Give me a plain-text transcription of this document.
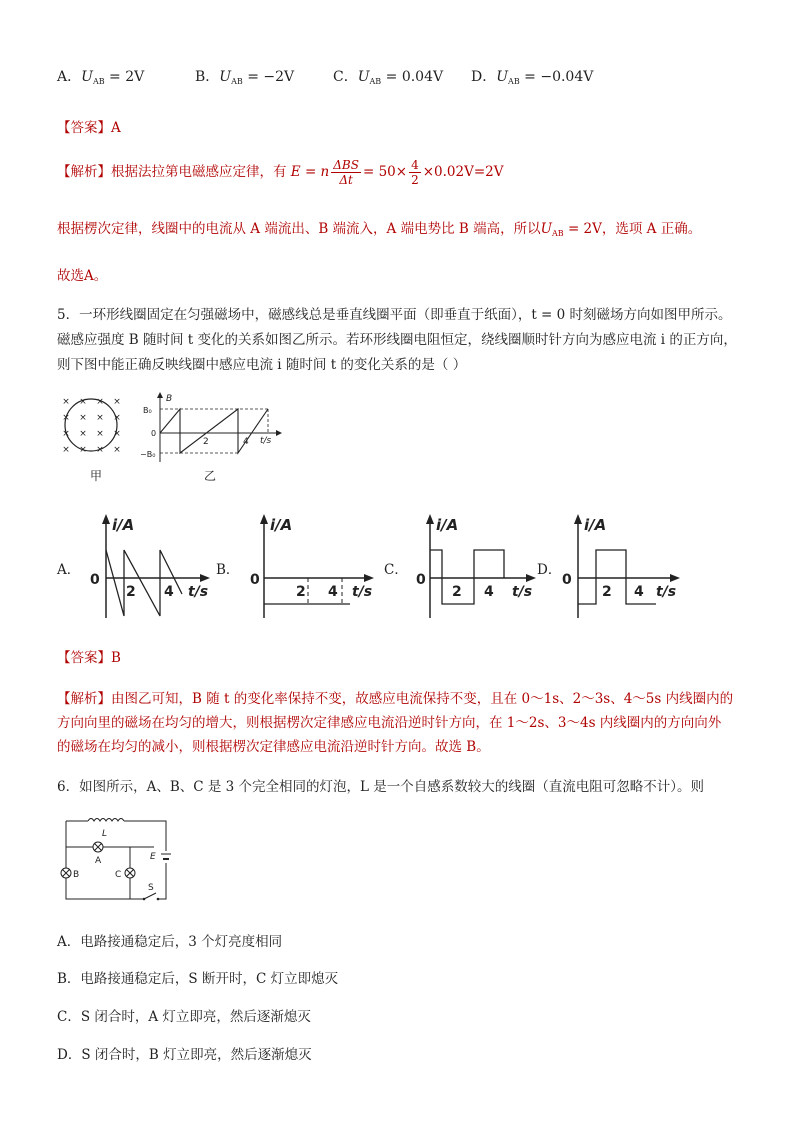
A．$U_{AB} = 2V$	B．$U_{AB} = -2V$	C．$U_{AB} = 0.04V$ D．$U_{AB} = -0.04V$
【答案】A
【解析】根据法拉第电磁感应定律，有 E = n $\frac{\text{ΔBS}}{\Delta t} = 50\times \frac{4}{2} \times 0.02V=2V$
根据楞次定律，线圈中的电流从 A 端流出、B 端流入，A 端电势比 B 端高，所以$U_{AB} = 2V$，选项 A 正确。
故选A。
5．一环形线圈固定在匀强磁场中，磁感线总是垂直线圈平面（即垂直于纸面），t = 0 时刻磁场方向如图甲所示。
磁感应强度 B 随时间 t 变化的关系如图乙所示。若环形线圈电阻恒定，绕线圈顺时针方向为感应电流 i 的正方向，
则下图中能正确反映线圈中感应电流 i 随时间 t 的变化关系的是（ ）
× × × ×
× × × ×
× × × ×
× × × ×
甲
B
t/s
B₀
0
−B₀
2	4
乙
A．
i/A
0
t/s
2 4
B．
i/A
0
t/s
2 4
C．
i/A
0
t/s
2 4
D．
i/A
0
t/s
2 4
【答案】B
【解析】由图乙可知，B 随 t 的变化率保持不变，故感应电流保持不变，且在 0～1s、2～3s、4～5s 内线圈内的
方向向里的磁场在均匀的增大，则根据楞次定律感应电流沿逆时针方向，在 1～2s、3～4s 内线圈内的方向向外
的磁场在均匀的减小，则根据楞次定律感应电流沿逆时针方向。故选 B。
6．如图所示，A、B、C 是 3 个完全相同的灯泡，L 是一个自感系数较大的线圈（直流电阻可忽略不计）。则
L
A
B	C
E
S
A．电路接通稳定后，3 个灯亮度相同
B．电路接通稳定后，S 断开时，C 灯立即熄灭
C．S 闭合时，A 灯立即亮，然后逐渐熄灭
D．S 闭合时，B 灯立即亮，然后逐渐熄灭
